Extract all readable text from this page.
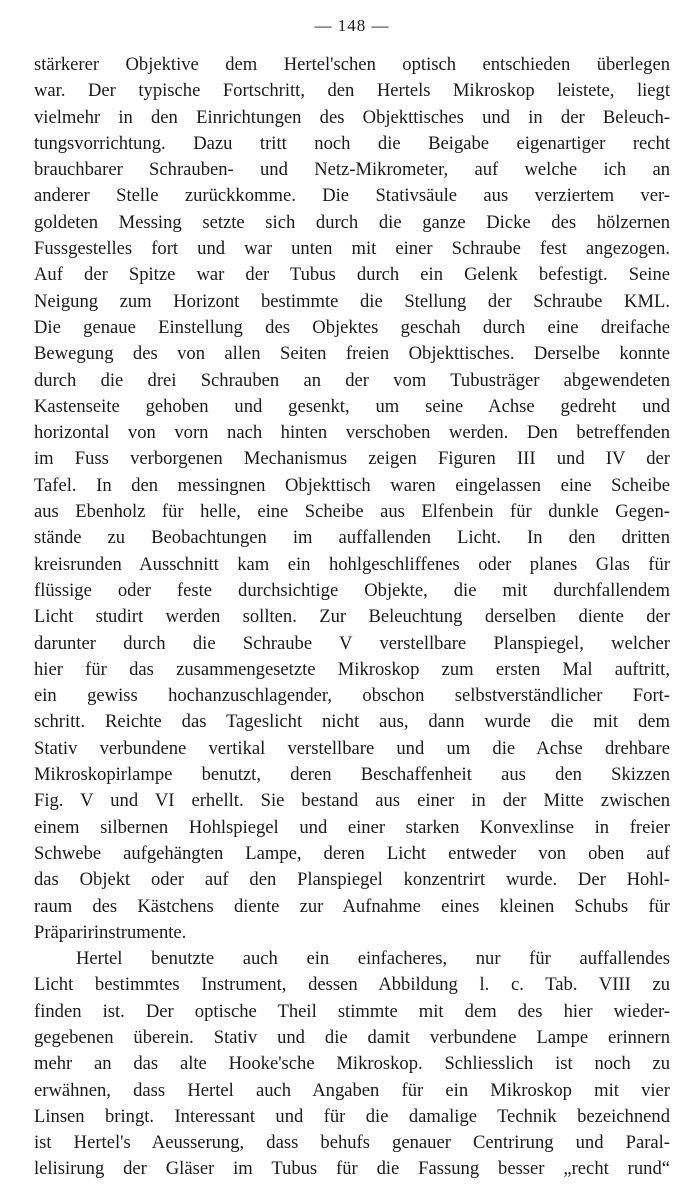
— 148 —
stärkerer Objektive dem Hertel'schen optisch entschieden überlegen
war. Der typische Fortschritt, den Hertels Mikroskop leistete, liegt
vielmehr in den Einrichtungen des Objekttisches und in der Beleuch-
tungsvorrichtung. Dazu tritt noch die Beigabe eigenartiger recht
brauchbarer Schrauben- und Netz-Mikrometer, auf welche ich an
anderer Stelle zurückkomme. Die Stativsäule aus verziertem ver-
goldeten Messing setzte sich durch die ganze Dicke des hölzernen
Fussgestelles fort und war unten mit einer Schraube fest angezogen.
Auf der Spitze war der Tubus durch ein Gelenk befestigt. Seine
Neigung zum Horizont bestimmte die Stellung der Schraube KML.
Die genaue Einstellung des Objektes geschah durch eine dreifache
Bewegung des von allen Seiten freien Objekttisches. Derselbe konnte
durch die drei Schrauben an der vom Tubusträger abgewendeten
Kastenseite gehoben und gesenkt, um seine Achse gedreht und
horizontal von vorn nach hinten verschoben werden. Den betreffenden
im Fuss verborgenen Mechanismus zeigen Figuren III und IV der
Tafel. In den messingnen Objekttisch waren eingelassen eine Scheibe
aus Ebenholz für helle, eine Scheibe aus Elfenbein für dunkle Gegen-
stände zu Beobachtungen im auffallenden Licht. In den dritten
kreisrunden Ausschnitt kam ein hohlgeschliffenes oder planes Glas für
flüssige oder feste durchsichtige Objekte, die mit durchfallendem
Licht studirt werden sollten. Zur Beleuchtung derselben diente der
darunter durch die Schraube V verstellbare Planspiegel, welcher
hier für das zusammengesetzte Mikroskop zum ersten Mal auftritt,
ein gewiss hochanzuschlagender, obschon selbstverständlicher Fort-
schritt. Reichte das Tageslicht nicht aus, dann wurde die mit dem
Stativ verbundene vertikal verstellbare und um die Achse drehbare
Mikroskopirlampe benutzt, deren Beschaffenheit aus den Skizzen
Fig. V und VI erhellt. Sie bestand aus einer in der Mitte zwischen
einem silbernen Hohlspiegel und einer starken Konvexlinse in freier
Schwebe aufgehängten Lampe, deren Licht entweder von oben auf
das Objekt oder auf den Planspiegel konzentrirt wurde. Der Hohl-
raum des Kästchens diente zur Aufnahme eines kleinen Schubs für
Präparirinstrumente.
Hertel benutzte auch ein einfacheres, nur für auffallendes
Licht bestimmtes Instrument, dessen Abbildung l. c. Tab. VIII zu
finden ist. Der optische Theil stimmte mit dem des hier wieder-
gegebenen überein. Stativ und die damit verbundene Lampe erinnern
mehr an das alte Hooke'sche Mikroskop. Schliesslich ist noch zu
erwähnen, dass Hertel auch Angaben für ein Mikroskop mit vier
Linsen bringt. Interessant und für die damalige Technik bezeichnend
ist Hertel's Aeusserung, dass behufs genauer Centrirung und Paral-
lelisirung der Gläser im Tubus für die Fassung besser „recht rund“
